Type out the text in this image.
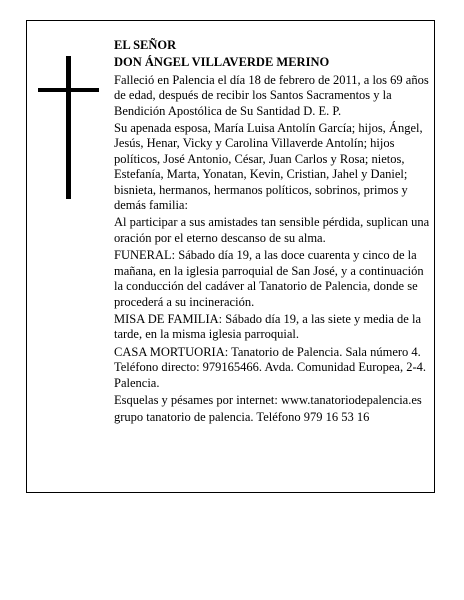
EL SEÑOR

DON ÁNGEL VILLAVERDE MERINO

Falleció en Palencia el día 18 de febrero de 2011, a los 69 años de edad, después de recibir los Santos Sacramentos y la Bendición Apostólica de Su Santidad D. E. P.

Su apenada esposa, María Luisa Antolín García; hijos, Ángel, Jesús, Henar, Vicky y Carolina Villaverde Antolín; hijos políticos, José Antonio, César, Juan Carlos y Rosa; nietos, Estefanía, Marta, Yonatan, Kevin, Cristian, Jahel y Daniel; bisnieta, hermanos, hermanos políticos, sobrinos, primos y demás familia:

Al participar a sus amistades tan sensible pérdida, suplican una oración por el eterno descanso de su alma.

FUNERAL: Sábado día 19, a las doce cuarenta y cinco de la mañana, en la iglesia parroquial de San José, y a continuación la conducción del cadáver al Tanatorio de Palencia, donde se procederá a su incineración.

MISA DE FAMILIA: Sábado día 19, a las siete y media de la tarde, en la misma iglesia parroquial.

CASA MORTUORIA: Tanatorio de Palencia. Sala número 4. Teléfono directo: 979165466. Avda. Comunidad Europea, 2-4. Palencia.

Esquelas y pésames por internet: www.tanatoriodepalencia.es

grupo tanatorio de palencia. Teléfono 979 16 53 16
